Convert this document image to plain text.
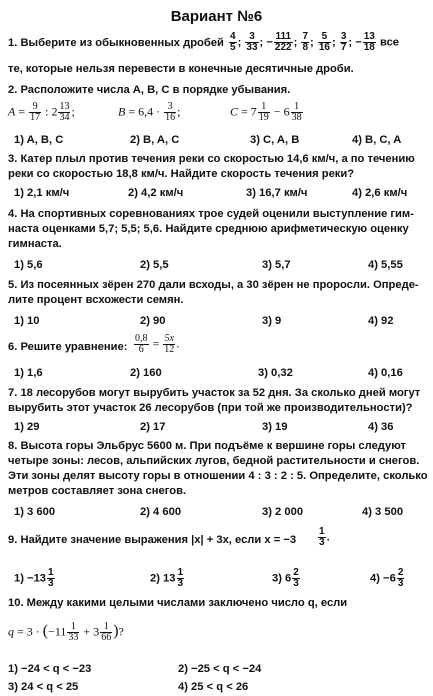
Вариант №6
1. Выберите из обыкновенных дробей $\frac{4}{5}$ ; $\frac{3}{33}$ ; − $\frac{111}{222}$ ; $\frac{7}{8}$ ; $\frac{5}{16}$ ; $\frac{3}{7}$ ; − $\frac{13}{18}$ все
те, которые нельзя перевести в конечные десятичные дроби.
2. Расположите числа A, B, C в порядке убывания.
$A = \frac{9}{17}$ : $2 \frac{13}{34}$ ;	$B = 6,4 \cdot \frac{3}{16}$ ;	$C = 7 \frac{1}{19} - 6 \frac{1}{38}$
1) A, B, C	2) B, A, C	3) C, A, B	4) B, C, A
3. Катер плыл против течения реки со скоростью 14,6 км/ч, а по течению
реки со скоростью 18,8 км/ч. Найдите скорость течения реки?
1) 2,1 км/ч	2) 4,2 км/ч	3) 16,7 км/ч	4) 2,6 км/ч
4. На спортивных соревнованиях трое судей оценили выступление гим-
наста оценками 5,7; 5,5; 5,6. Найдите среднюю арифметическую оценку
гимнаста.
1) 5,6	2) 5,5	3) 5,7	4) 5,55
5. Из посеянных зёрен 270 дали всходы, а 30 зёрен не проросли. Опреде-
лите процент всхожести семян.
1) 10	2) 90	3) 9	4) 92
6. Решите уравнение: $\frac{0,8}{6} = \frac{5x}{12}$ .
1) 1,6	2) 160	3) 0,32	4) 0,16
7. 18 лесорубов могут вырубить участок за 52 дня. За сколько дней могут
вырубить этот участок 26 лесорубов (при той же производительности)?
1) 29	2) 17	3) 19	4) 36
8. Высота горы Эльбрус 5600 м. При подъёме к вершине горы следуют
четыре зоны: лесов, альпийских лугов, бедной растительности и снегов.
Эти зоны делят высоту горы в отношении 4 : 3 : 2 : 5. Определите, сколько
метров составляет зона снегов.
1) 3 600	2) 4 600	3) 2 000	4) 3 500
9. Найдите значение выражения |x| + 3x, если $x = -3 \frac{1}{3}$ .
$1) -13 \frac{1}{3}$	2) $13 \frac{1}{3}$	3) $6 \frac{2}{3}$	$4) -6 \frac{2}{3}$
10. Между какими целыми числами заключено число q, если
$q = 3 \cdot (-11 \frac{1}{33} + 3 \frac{1}{66}$ )?
1) −24 < q < −23	2) −25 < q < −24
3) 24 < q < 25	4) 25 < q < 26
